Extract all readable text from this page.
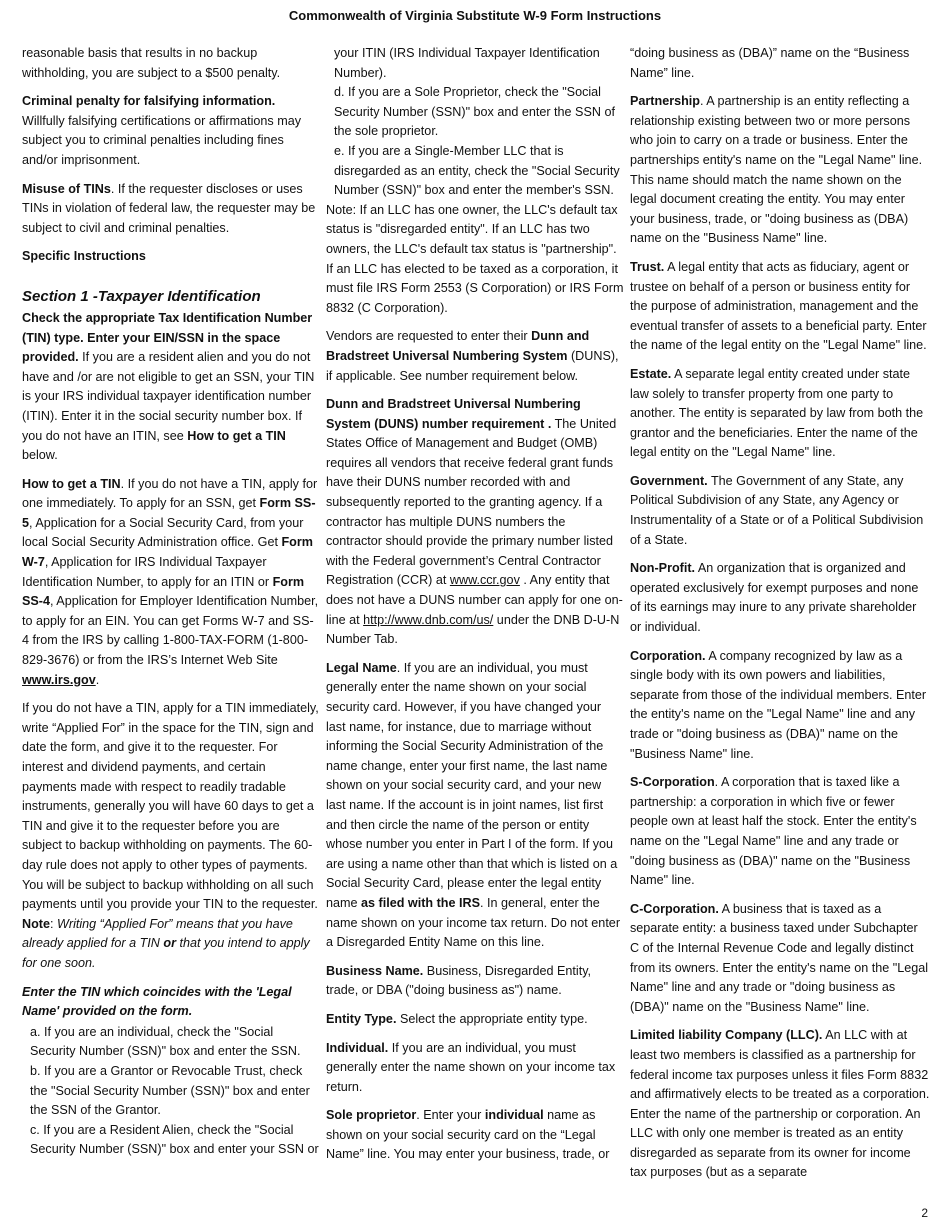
Commonwealth of Virginia Substitute W-9 Form Instructions

reasonable basis that results in no backup withholding, you are subject to a $500 penalty.

Criminal penalty for falsifying information. Willfully falsifying certifications or affirmations may subject you to criminal penalties including fines and/or imprisonment.

Misuse of TINs. If the requester discloses or uses TINs in violation of federal law, the requester may be subject to civil and criminal penalties.

Specific Instructions

Section 1 -Taxpayer Identification

Check the appropriate Tax Identification Number (TIN) type. Enter your EIN/SSN in the space provided. If you are a resident alien and you do not have and /or are not eligible to get an SSN, your TIN is your IRS individual taxpayer identification number (ITIN). Enter it in the social security number box. If you do not have an ITIN, see How to get a TIN below.

How to get a TIN. If you do not have a TIN, apply for one immediately. To apply for an SSN, get Form SS-5, Application for a Social Security Card, from your local Social Security Administration office. Get Form W-7, Application for IRS Individual Taxpayer Identification Number, to apply for an ITIN or Form SS-4, Application for Employer Identification Number, to apply for an EIN. You can get Forms W-7 and SS-4 from the IRS by calling 1-800-TAX-FORM (1-800-829-3676) or from the IRS’s Internet Web Site www.irs.gov.

If you do not have a TIN, apply for a TIN immediately, write “Applied For” in the space for the TIN, sign and date the form, and give it to the requester. For interest and dividend payments, and certain payments made with respect to readily tradable instruments, generally you will have 60 days to get a TIN and give it to the requester before you are subject to backup withholding on payments. The 60-day rule does not apply to other types of payments. You will be subject to backup withholding on all such payments until you provide your TIN to the requester. Note: Writing “Applied For” means that you have already applied for a TIN or that you intend to apply for one soon.

Enter the TIN which coincides with the 'Legal Name' provided on the form.

a. If you are an individual, check the "Social Security Number (SSN)" box and enter the SSN.
b. If you are a Grantor or Revocable Trust, check the "Social Security Number (SSN)" box and enter the SSN of the Grantor.
c. If you are a Resident Alien, check the "Social Security Number (SSN)" box and enter your SSN or
your ITIN (IRS Individual Taxpayer Identification Number).
d. If you are a Sole Proprietor, check the "Social Security Number (SSN)" box and enter the SSN of the sole proprietor.
e. If you are a Single-Member LLC that is disregarded as an entity, check the "Social Security Number (SSN)" box and enter the member's SSN.

Note: If an LLC has one owner, the LLC's default tax status is "disregarded entity". If an LLC has two owners, the LLC's default tax status is "partnership". If an LLC has elected to be taxed as a corporation, it must file IRS Form 2553 (S Corporation) or IRS Form 8832 (C Corporation).

Vendors are requested to enter their Dunn and Bradstreet Universal Numbering System (DUNS), if applicable. See number requirement below.

Dunn and Bradstreet Universal Numbering System (DUNS) number requirement . The United States Office of Management and Budget (OMB) requires all vendors that receive federal grant funds have their DUNS number recorded with and subsequently reported to the granting agency. If a contractor has multiple DUNS numbers the contractor should provide the primary number listed with the Federal government’s Central Contractor Registration (CCR) at www.ccr.gov . Any entity that does not have a DUNS number can apply for one on-line at http://www.dnb.com/us/ under the DNB D-U-N Number Tab.

Legal Name. If you are an individual, you must generally enter the name shown on your social security card. However, if you have changed your last name, for instance, due to marriage without informing the Social Security Administration of the name change, enter your first name, the last name shown on your social security card, and your new last name. If the account is in joint names, list first and then circle the name of the person or entity whose number you enter in Part I of the form. If you are using a name other than that which is listed on a Social Security Card, please enter the legal entity name as filed with the IRS. In general, enter the name shown on your income tax return. Do not enter a Disregarded Entity Name on this line.

Business Name. Business, Disregarded Entity, trade, or DBA ("doing business as") name.

Entity Type. Select the appropriate entity type.

Individual. If you are an individual, you must generally enter the name shown on your income tax return.

Sole proprietor. Enter your individual name as shown on your social security card on the “Legal Name” line. You may enter your business, trade, or

“doing business as (DBA)” name on the “Business Name” line.

Partnership. A partnership is an entity reflecting a relationship existing between two or more persons who join to carry on a trade or business. Enter the partnerships entity's name on the "Legal Name" line. This name should match the name shown on the legal document creating the entity. You may enter your business, trade, or "doing business as (DBA) name on the "Business Name" line.

Trust. A legal entity that acts as fiduciary, agent or trustee on behalf of a person or business entity for the purpose of administration, management and the eventual transfer of assets to a beneficial party. Enter the name of the legal entity on the "Legal Name" line.

Estate. A separate legal entity created under state law solely to transfer property from one party to another. The entity is separated by law from both the grantor and the beneficiaries. Enter the name of the legal entity on the "Legal Name" line.

Government. The Government of any State, any Political Subdivision of any State, any Agency or Instrumentality of a State or of a Political Subdivision of a State.

Non-Profit. An organization that is organized and operated exclusively for exempt purposes and none of its earnings may inure to any private shareholder or individual.

Corporation. A company recognized by law as a single body with its own powers and liabilities, separate from those of the individual members. Enter the entity's name on the "Legal Name" line and any trade or "doing business as (DBA)" name on the "Business Name" line.

S-Corporation. A corporation that is taxed like a partnership: a corporation in which five or fewer people own at least half the stock. Enter the entity's name on the "Legal Name" line and any trade or "doing business as (DBA)" name on the "Business Name" line.

C-Corporation. A business that is taxed as a separate entity: a business taxed under Subchapter C of the Internal Revenue Code and legally distinct from its owners. Enter the entity's name on the "Legal Name" line and any trade or "doing business as (DBA)" name on the "Business Name" line.

Limited liability Company (LLC). An LLC with at least two members is classified as a partnership for federal income tax purposes unless it files Form 8832 and affirmatively elects to be treated as a corporation. Enter the name of the partnership or corporation. An LLC with only one member is treated as an entity disregarded as separate from its owner for income tax purposes (but as a separate

2
